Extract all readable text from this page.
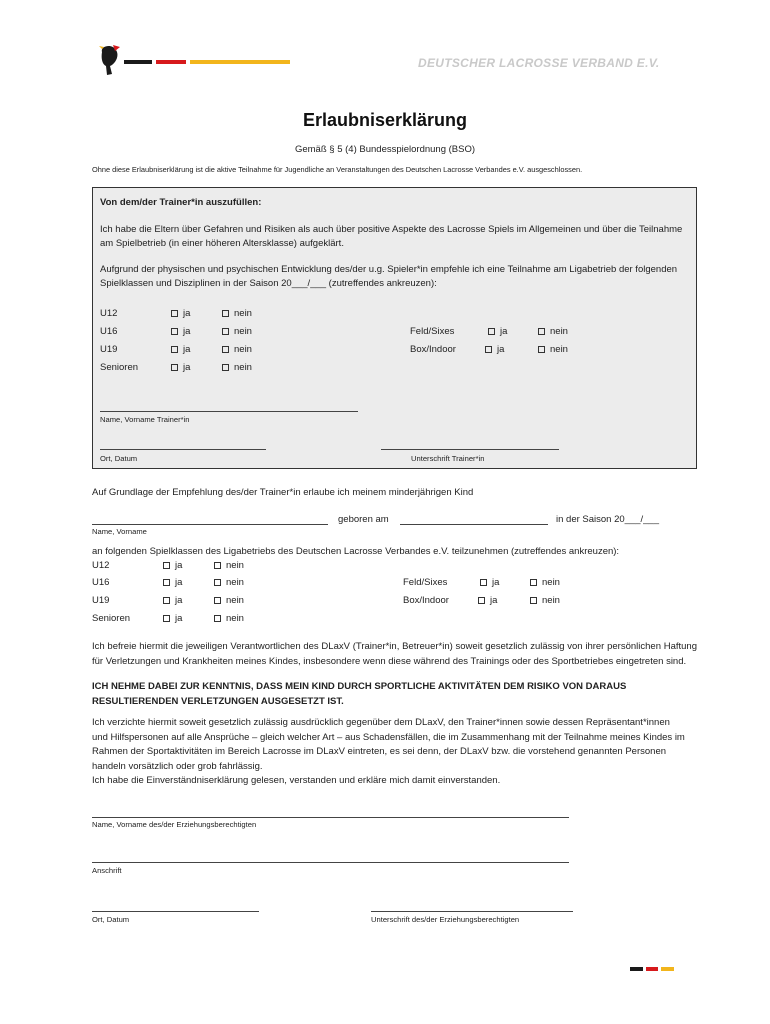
DEUTSCHER LACROSSE VERBAND E.V.
Erlaubniserklärung
Gemäß § 5 (4) Bundesspielordnung (BSO)
Ohne diese Erlaubniserklärung ist die aktive Teilnahme für Jugendliche an Veranstaltungen des Deutschen Lacrosse Verbandes e.V. ausgeschlossen.
Von dem/der Trainer*in auszufüllen:
Ich habe die Eltern über Gefahren und Risiken als auch über positive Aspekte des Lacrosse Spiels im Allgemeinen und über die Teilnahme am Spielbetrieb (in einer höheren Altersklasse) aufgeklärt.
Aufgrund der physischen und psychischen Entwicklung des/der u.g. Spieler*in empfehle ich eine Teilnahme am Ligabetrieb der folgenden Spielklassen und Disziplinen in der Saison 20___/___ (zutreffendes ankreuzen):
U12	ja	nein
U16	ja	nein	Feld/Sixes	ja	nein
U19	ja	nein	Box/Indoor	ja	nein
Senioren	ja	nein
Name, Vorname Trainer*in
Ort, Datum	Unterschrift Trainer*in
Auf Grundlage der Empfehlung des/der Trainer*in erlaube ich meinem minderjährigen Kind
geboren am	in der Saison 20___/___
Name, Vorname
an folgenden Spielklassen des Ligabetriebs des Deutschen Lacrosse Verbandes e.V. teilzunehmen (zutreffendes ankreuzen):
U12	ja	nein
U16	ja	nein	Feld/Sixes	ja	nein
U19	ja	nein	Box/Indoor	ja	nein
Senioren	ja	nein
Ich befreie hiermit die jeweiligen Verantwortlichen des DLaxV (Trainer*in, Betreuer*in) soweit gesetzlich zulässig von ihrer persönlichen Haftung für Verletzungen und Krankheiten meines Kindes, insbesondere wenn diese während des Trainings oder des Sportbetriebes eingetreten sind.
ICH NEHME DABEI ZUR KENNTNIS, DASS MEIN KIND DURCH SPORTLICHE AKTIVITÄTEN DEM RISIKO VON DARAUS RESULTIERENDEN VERLETZUNGEN AUSGESETZT IST.
Ich verzichte hiermit soweit gesetzlich zulässig ausdrücklich gegenüber dem DLaxV, den Trainer*innen sowie dessen Repräsentant*innen und Hilfspersonen auf alle Ansprüche – gleich welcher Art – aus Schadensfällen, die im Zusammenhang mit der Teilnahme meines Kindes im Rahmen der Sportaktivitäten im Bereich Lacrosse im DLaxV eintreten, es sei denn, der DLaxV bzw. die vorstehend genannten Personen handeln vorsätzlich oder grob fahrlässig.
Ich habe die Einverständniserklärung gelesen, verstanden und erkläre mich damit einverstanden.
Name, Vorname des/der Erziehungsberechtigten
Anschrift
Ort, Datum	Unterschrift des/der Erziehungsberechtigten
